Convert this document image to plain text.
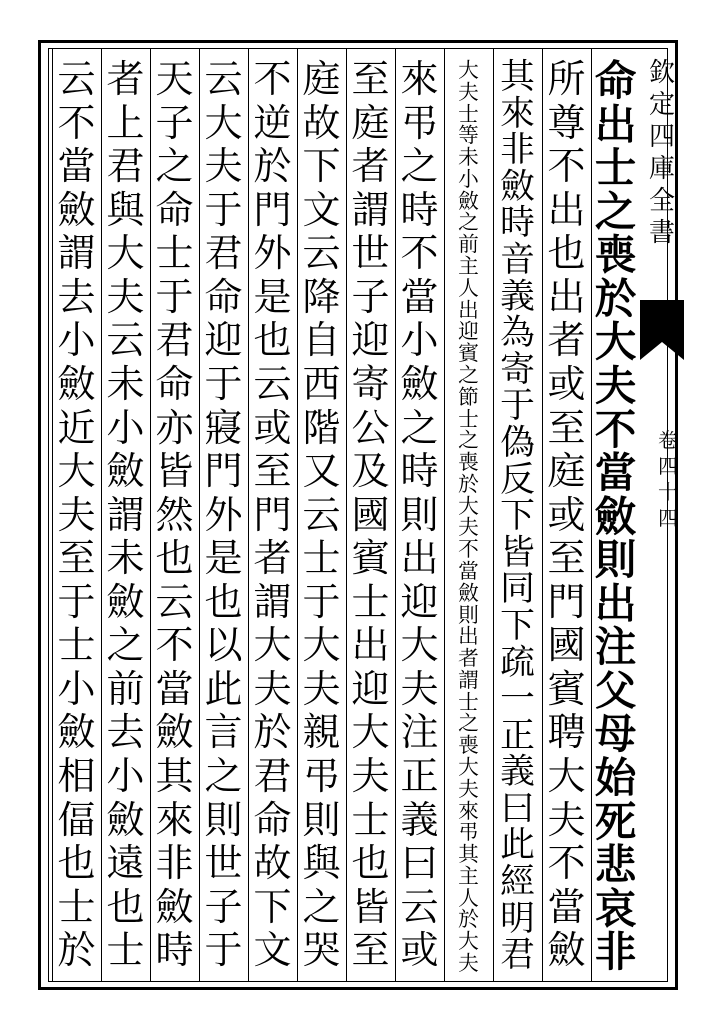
欽
定
四
庫
全
書
卷
四
十
四
命
出
士
之
喪
於
大
夫
不
當
斂
則
出
注
父
母
始
死
悲
哀
非
所
尊
不
出
也
出
者
或
至
庭
或
至
門
國
賓
聘
大
夫
不
當
斂
其
來
非
斂
時
音
義
為
寄
于
偽
反
下
皆
同
下
疏
一
正
義
曰
此
經
明
君
大
夫
士
等
未
小
斂
之
前
主
人
出
迎
賓
之
節
士
之
喪
於
大
夫
不
當
斂
則
出
者
謂
士
之
喪
大
夫
來
弔
其
主
人
於
大
夫
來
弔
之
時
不
當
小
斂
之
時
則
出
迎
大
夫
注
正
義
曰
云
或
至
庭
者
謂
世
子
迎
寄
公
及
國
賓
士
出
迎
大
夫
士
也
皆
至
庭
故
下
文
云
降
自
西
階
又
云
士
于
大
夫
親
弔
則
與
之
哭
不
逆
於
門
外
是
也
云
或
至
門
者
謂
大
夫
於
君
命
故
下
文
云
大
夫
于
君
命
迎
于
寢
門
外
是
也
以
此
言
之
則
世
子
于
天
子
之
命
士
于
君
命
亦
皆
然
也
云
不
當
斂
其
來
非
斂
時
者
上
君
與
大
夫
云
未
小
斂
謂
未
斂
之
前
去
小
斂
遠
也
士
云
不
當
斂
謂
去
小
斂
近
大
夫
至
于
士
小
斂
相
偪
也
士
於
